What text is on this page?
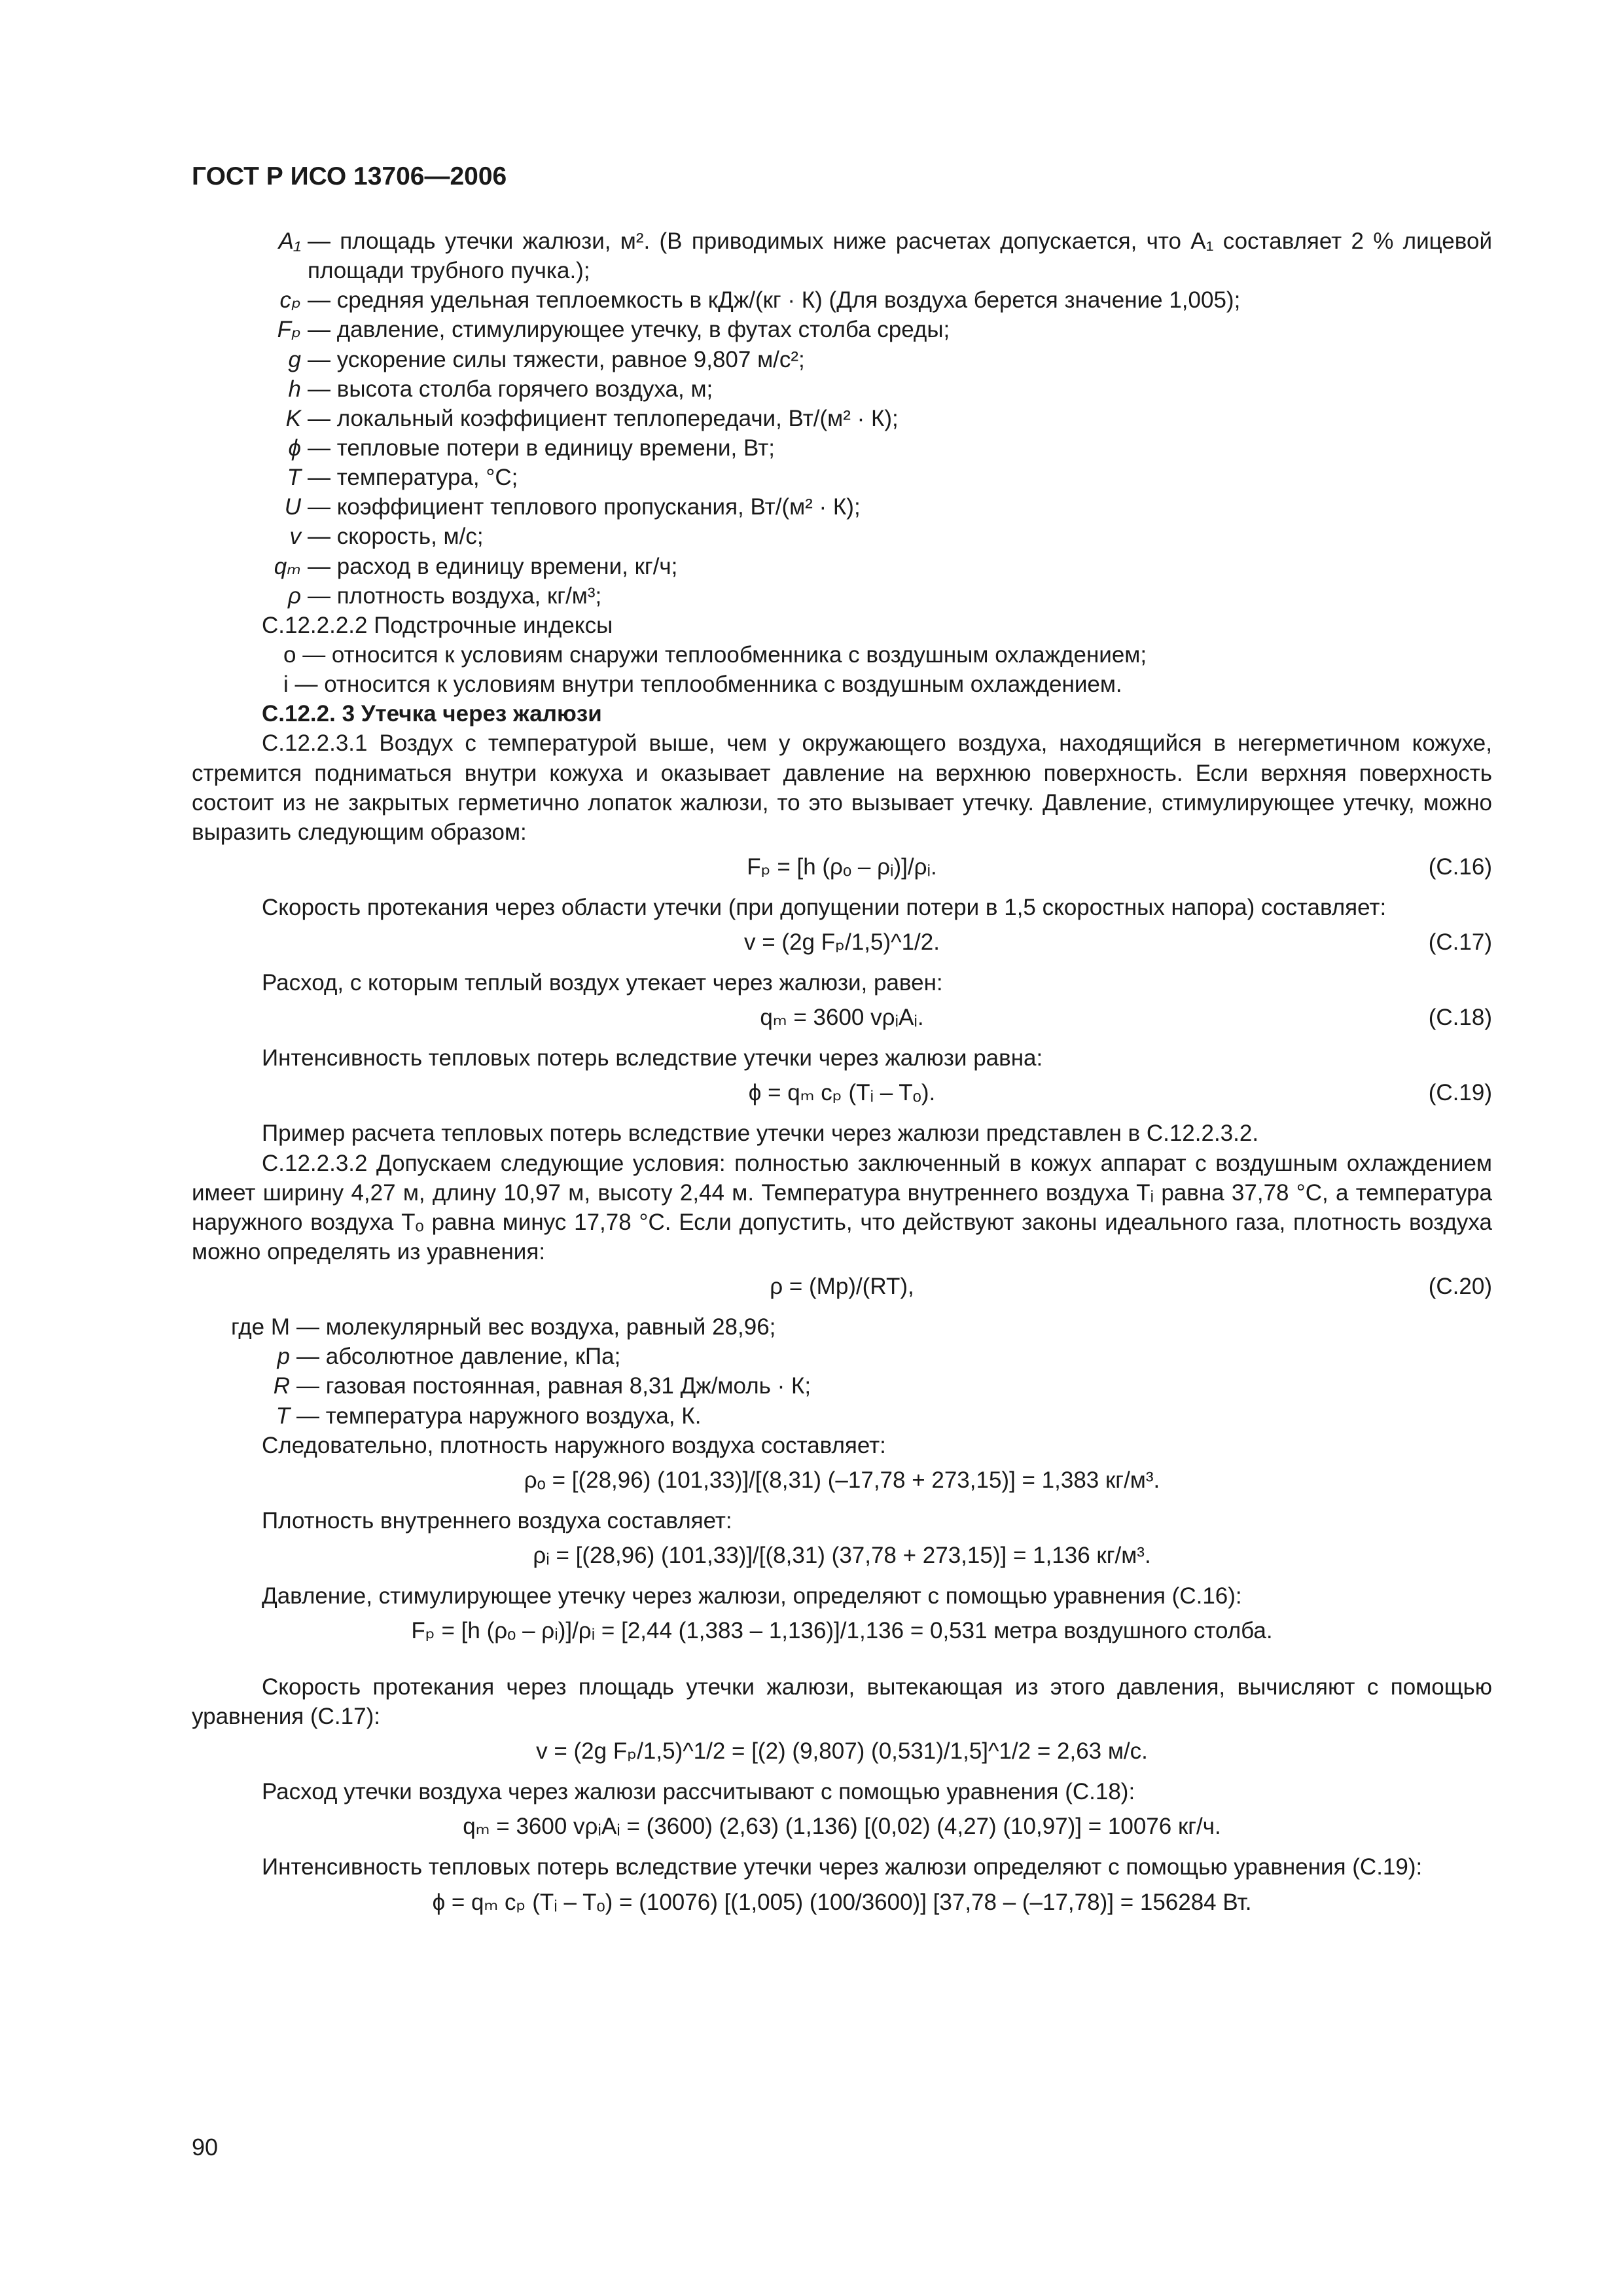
ГОСТ Р ИСО 13706—2006
A₁ — площадь утечки жалюзи, м². (В приводимых ниже расчетах допускается, что A₁ составляет 2 % лицевой площади трубного пучка.);
cₚ — средняя удельная теплоемкость в кДж/(кг · К) (Для воздуха берется значение 1,005);
Fₚ — давление, стимулирующее утечку, в футах столба среды;
g — ускорение силы тяжести, равное 9,807 м/с²;
h — высота столба горячего воздуха, м;
K — локальный коэффициент теплопередачи, Вт/(м² · К);
ϕ — тепловые потери в единицу времени, Вт;
T — температура, °С;
U — коэффициент теплового пропускания, Вт/(м² · К);
v — скорость, м/с;
qₘ — расход в единицу времени, кг/ч;
ρ — плотность воздуха, кг/м³;
С.12.2.2.2 Подстрочные индексы
o — относится к условиям снаружи теплообменника с воздушным охлаждением;
i — относится к условиям внутри теплообменника с воздушным охлаждением.
С.12.2. 3 Утечка через жалюзи

С.12.2.3.1 Воздух с температурой выше, чем у окружающего воздуха, находящийся в негерметичном кожухе, стремится подниматься внутри кожуха и оказывает давление на верхнюю поверхность. Если верхняя поверхность состоит из не закрытых герметично лопаток жалюзи, то это вызывает утечку. Давление, стимулирующее утечку, можно выразить следующим образом:

Fₚ = [h (ρₒ – ρᵢ)]/ρᵢ.	(С.16)

Скорость протекания через области утечки (при допущении потери в 1,5 скоростных напора) составляет:

v = (2g Fₚ/1,5)^1/2.	(С.17)

Расход, с которым теплый воздух утекает через жалюзи, равен:

qₘ = 3600 vρᵢAᵢ.	(С.18)

Интенсивность тепловых потерь вследствие утечки через жалюзи равна:

ϕ = qₘ cₚ (Tᵢ – Tₒ).	(С.19)

Пример расчета тепловых потерь вследствие утечки через жалюзи представлен в С.12.2.3.2.

С.12.2.3.2 Допускаем следующие условия: полностью заключенный в кожух аппарат с воздушным охлаждением имеет ширину 4,27 м, длину 10,97 м, высоту 2,44 м. Температура внутреннего воздуха Tᵢ равна 37,78 °С, а температура наружного воздуха Tₒ равна минус 17,78 °С. Если допустить, что действуют законы идеального газа, плотность воздуха можно определять из уравнения:

ρ = (Mp)/(RT),	(С.20)
где M — молекулярный вес воздуха, равный 28,96;
p — абсолютное давление, кПа;
R — газовая постоянная, равная 8,31 Дж/моль · К;
T — температура наружного воздуха, К.

Следовательно, плотность наружного воздуха составляет:

ρₒ = [(28,96) (101,33)]/[(8,31) (–17,78 + 273,15)] = 1,383 кг/м³.

Плотность внутреннего воздуха составляет:

ρᵢ = [(28,96) (101,33)]/[(8,31) (37,78 + 273,15)] = 1,136 кг/м³.

Давление, стимулирующее утечку через жалюзи, определяют с помощью уравнения (С.16):

Fₚ = [h (ρₒ – ρᵢ)]/ρᵢ = [2,44 (1,383 – 1,136)]/1,136 = 0,531 метра воздушного столба.

Скорость протекания через площадь утечки жалюзи, вытекающая из этого давления, вычисляют с помощью уравнения (С.17):

v = (2g Fₚ/1,5)^1/2 = [(2) (9,807) (0,531)/1,5]^1/2 = 2,63 м/с.

Расход утечки воздуха через жалюзи рассчитывают с помощью уравнения (С.18):

qₘ = 3600 vρᵢAᵢ = (3600) (2,63) (1,136) [(0,02) (4,27) (10,97)] = 10076 кг/ч.

Интенсивность тепловых потерь вследствие утечки через жалюзи определяют с помощью уравнения (С.19):

ϕ = qₘ cₚ (Tᵢ – Tₒ) = (10076) [(1,005) (100/3600)] [37,78 – (–17,78)] = 156284 Вт.
90
